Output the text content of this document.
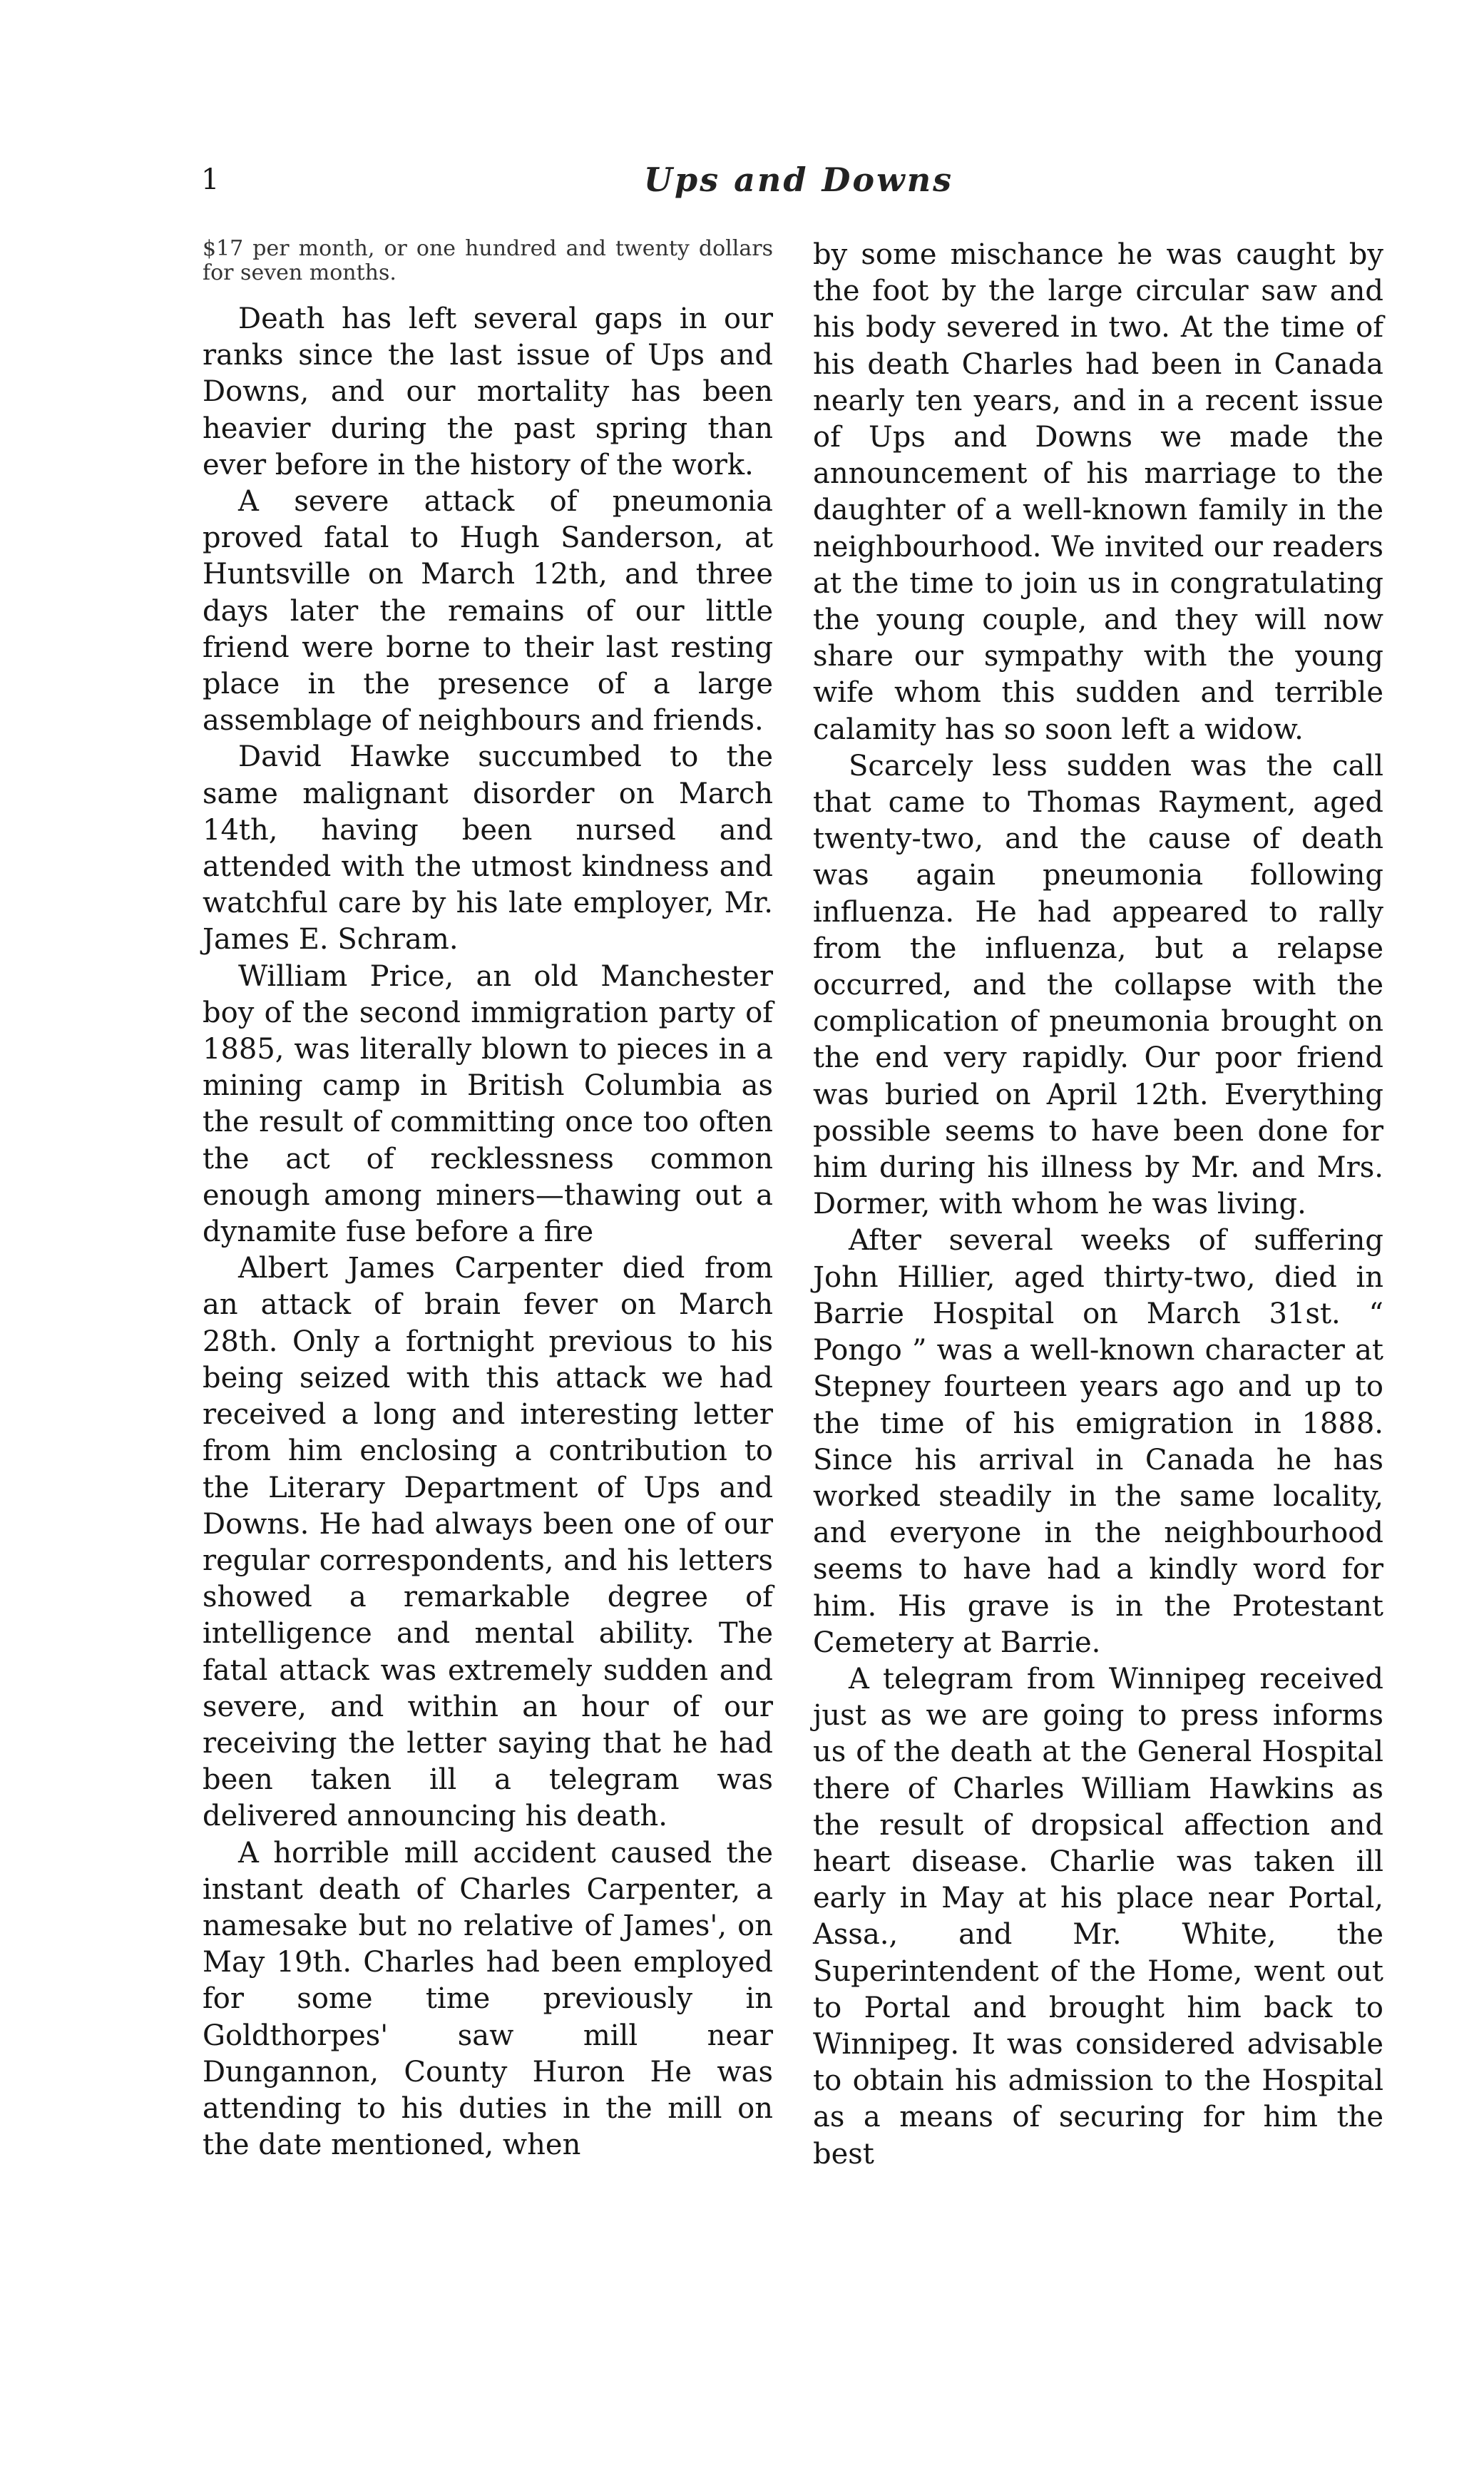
1	Ups and Downs

$17 per month, or one hundred and twenty dollars for seven months.

Death has left several gaps in our ranks since the last issue of Ups and Downs, and our mortality has been heavier during the past spring than ever before in the history of the work.

A severe attack of pneumonia proved fatal to Hugh Sanderson, at Huntsville on March 12th, and three days later the remains of our little friend were borne to their last resting place in the presence of a large assemblage of neighbours and friends.

David Hawke succumbed to the same malignant disorder on March 14th, having been nursed and attended with the utmost kindness and watchful care by his late employer, Mr. James E. Schram.

William Price, an old Manchester boy of the second immigration party of 1885, was literally blown to pieces in a mining camp in British Columbia as the result of committing once too often the act of recklessness common enough among miners—thawing out a dynamite fuse before a fire

Albert James Carpenter died from an attack of brain fever on March 28th. Only a fortnight previous to his being seized with this attack we had received a long and interesting letter from him enclosing a contribution to the Literary Department of Ups and Downs. He had always been one of our regular correspondents, and his letters showed a remarkable degree of intelligence and mental ability. The fatal attack was extremely sudden and severe, and within an hour of our receiving the letter saying that he had been taken ill a telegram was delivered announcing his death.

A horrible mill accident caused the instant death of Charles Carpenter, a namesake but no relative of James', on May 19th. Charles had been employed for some time previously in Goldthorpes' saw mill near Dungannon, County Huron He was attending to his duties in the mill on the date mentioned, when

by some mischance he was caught by the foot by the large circular saw and his body severed in two. At the time of his death Charles had been in Canada nearly ten years, and in a recent issue of Ups and Downs we made the announcement of his marriage to the daughter of a well-known family in the neighbourhood. We invited our readers at the time to join us in congratulating the young couple, and they will now share our sympathy with the young wife whom this sudden and terrible calamity has so soon left a widow.

Scarcely less sudden was the call that came to Thomas Rayment, aged twenty-two, and the cause of death was again pneumonia following influenza. He had appeared to rally from the influenza, but a relapse occurred, and the collapse with the complication of pneumonia brought on the end very rapidly. Our poor friend was buried on April 12th. Everything possible seems to have been done for him during his illness by Mr. and Mrs. Dormer, with whom he was living.

After several weeks of suffering John Hillier, aged thirty-two, died in Barrie Hospital on March 31st. “ Pongo ” was a well-known character at Stepney fourteen years ago and up to the time of his emigration in 1888. Since his arrival in Canada he has worked steadily in the same locality, and everyone in the neighbourhood seems to have had a kindly word for him. His grave is in the Protestant Cemetery at Barrie.

A telegram from Winnipeg received just as we are going to press informs us of the death at the General Hospital there of Charles William Hawkins as the result of dropsical affection and heart disease. Charlie was taken ill early in May at his place near Portal, Assa., and Mr. White, the Superintendent of the Home, went out to Portal and brought him back to Winnipeg. It was considered advisable to obtain his admission to the Hospital as a means of securing for him the best
